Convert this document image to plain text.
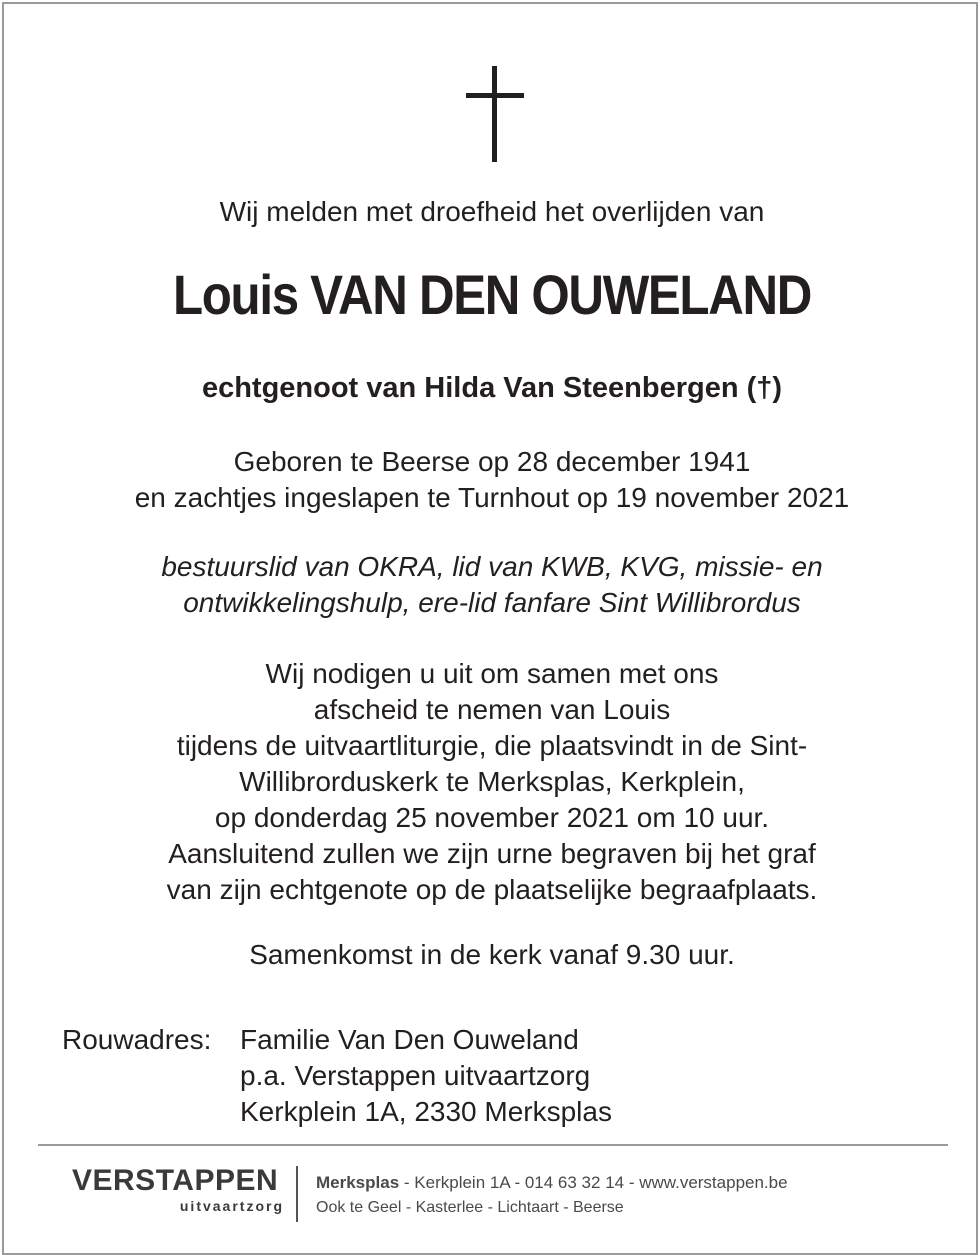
Wij melden met droefheid het overlijden van
Louis VAN DEN OUWELAND
echtgenoot van Hilda Van Steenbergen (†)
Geboren te Beerse op 28 december 1941
en zachtjes ingeslapen te Turnhout op 19 november 2021
bestuurslid van OKRA, lid van KWB, KVG, missie- en
ontwikkelingshulp, ere-lid fanfare Sint Willibrordus
Wij nodigen u uit om samen met ons
afscheid te nemen van Louis
tijdens de uitvaartliturgie, die plaatsvindt in de Sint-
Willibrorduskerk te Merksplas, Kerkplein,
op donderdag 25 november 2021 om 10 uur.
Aansluitend zullen we zijn urne begraven bij het graf
van zijn echtgenote op de plaatselijke begraafplaats.
Samenkomst in de kerk vanaf 9.30 uur.
Rouwadres: Familie Van Den Ouweland
p.a. Verstappen uitvaartzorg
Kerkplein 1A, 2330 Merksplas
VERSTAPPEN
uitvaartzorg
Merksplas - Kerkplein 1A - 014 63 32 14 - www.verstappen.be
Ook te Geel - Kasterlee - Lichtaart - Beerse
